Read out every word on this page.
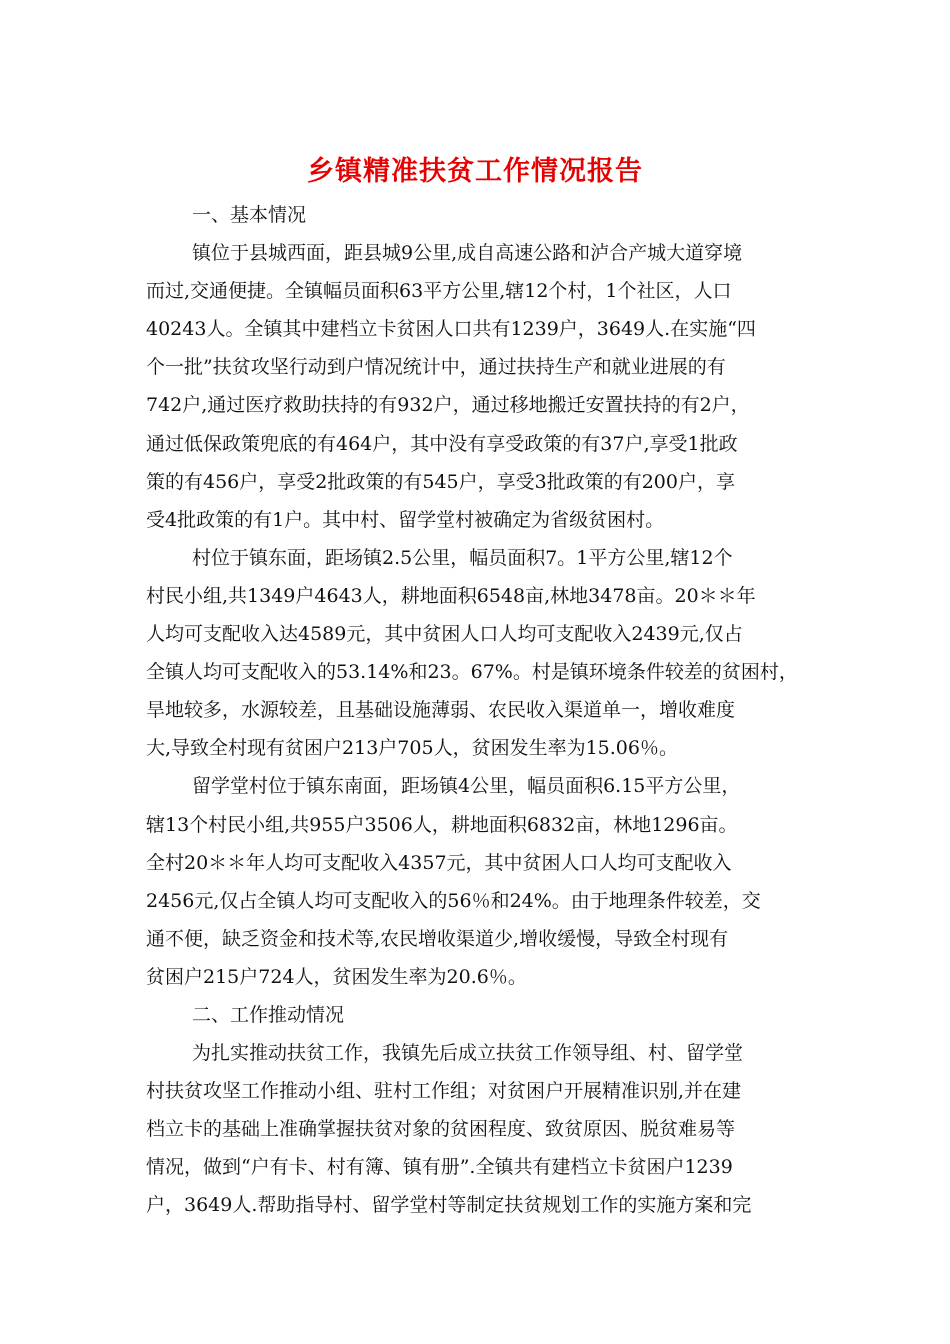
乡镇精准扶贫工作情况报告
一、基本情况
镇位于县城西面，距县城9公里,成自高速公路和泸合产城大道穿境
而过,交通便捷。全镇幅员面积63平方公里,辖12个村，1个社区，人口
40243人。全镇其中建档立卡贫困人口共有1239户，3649人.在实施“四
个一批”扶贫攻坚行动到户情况统计中，通过扶持生产和就业进展的有
742户,通过医疗救助扶持的有932户，通过移地搬迁安置扶持的有2户，
通过低保政策兜底的有464户，其中没有享受政策的有37户,享受1批政
策的有456户，享受2批政策的有545户，享受3批政策的有200户，享
受4批政策的有1户。其中村、留学堂村被确定为省级贫困村。
村位于镇东面，距场镇2.5公里，幅员面积7。1平方公里,辖12个
村民小组,共1349户4643人，耕地面积6548亩,林地3478亩。20＊＊年
人均可支配收入达4589元，其中贫困人口人均可支配收入2439元,仅占
全镇人均可支配收入的53.14%和23。67%。村是镇环境条件较差的贫困村，
旱地较多，水源较差，且基础设施薄弱、农民收入渠道单一，增收难度
大,导致全村现有贫困户213户705人，贫困发生率为15.06％。
留学堂村位于镇东南面，距场镇4公里，幅员面积6.15平方公里，
辖13个村民小组,共955户3506人，耕地面积6832亩，林地1296亩。
全村20＊＊年人均可支配收入4357元，其中贫困人口人均可支配收入
2456元,仅占全镇人均可支配收入的56％和24%。由于地理条件较差，交
通不便，缺乏资金和技术等,农民增收渠道少,增收缓慢，导致全村现有
贫困户215户724人，贫困发生率为20.6％。
二、工作推动情况
为扎实推动扶贫工作，我镇先后成立扶贫工作领导组、村、留学堂
村扶贫攻坚工作推动小组、驻村工作组；对贫困户开展精准识别,并在建
档立卡的基础上准确掌握扶贫对象的贫困程度、致贫原因、脱贫难易等
情况，做到“户有卡、村有簿、镇有册”.全镇共有建档立卡贫困户1239
户，3649人.帮助指导村、留学堂村等制定扶贫规划工作的实施方案和完
